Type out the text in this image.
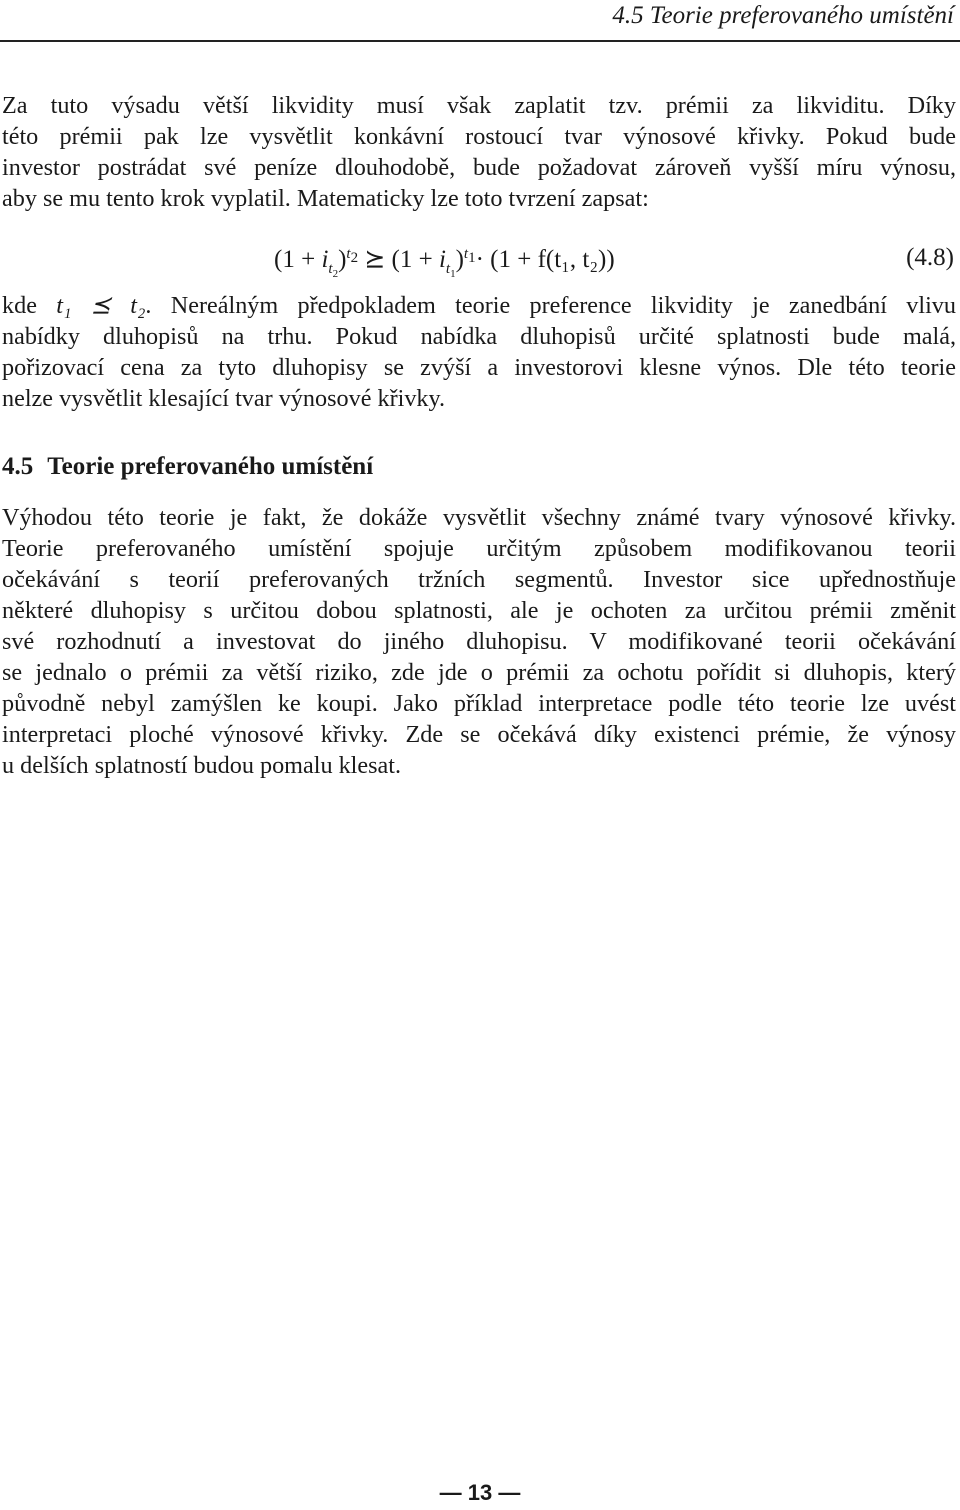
4.5 Teorie preferovaného umístění
Za tuto výsadu větší likvidity musí však zaplatit tzv. prémii za likviditu. Díky
této prémii pak lze vysvětlit konkávní rostoucí tvar výnosové křivky. Pokud bude
investor postrádat své peníze dlouhodobě, bude požadovat zároveň vyšší míru výnosu,
aby se mu tento krok vyplatil. Matematicky lze toto tvrzení zapsat:
$(1 + i_{t_2})^{t_2}$ ⪰ $(1 + i_{t_1})^{t_1}\cdot (1 + f(t_1$, t₂))	(4.8)
kde t₁ ⪯ t₂. Nereálným předpokladem teorie preference likvidity je zanedbání vlivu
nabídky dluhopisů na trhu. Pokud nabídka dluhopisů určité splatnosti bude malá,
pořizovací cena za tyto dluhopisy se zvýší a investorovi klesne výnos. Dle této teorie
nelze vysvětlit klesající tvar výnosové křivky.
4.5 Teorie preferovaného umístění
Výhodou této teorie je fakt, že dokáže vysvětlit všechny známé tvary výnosové křivky.
Teorie preferovaného umístění spojuje určitým způsobem modifikovanou teorii
očekávání s teorií preferovaných tržních segmentů. Investor sice upřednostňuje
některé dluhopisy s určitou dobou splatnosti, ale je ochoten za určitou prémii změnit
své rozhodnutí a investovat do jiného dluhopisu. V modifikované teorii očekávání
se jednalo o prémii za větší riziko, zde jde o prémii za ochotu pořídit si dluhopis, který
původně nebyl zamýšlen ke koupi. Jako příklad interpretace podle této teorie lze uvést
interpretaci ploché výnosové křivky. Zde se očekává díky existenci prémie, že výnosy
u delších splatností budou pomalu klesat.
— 13 —
